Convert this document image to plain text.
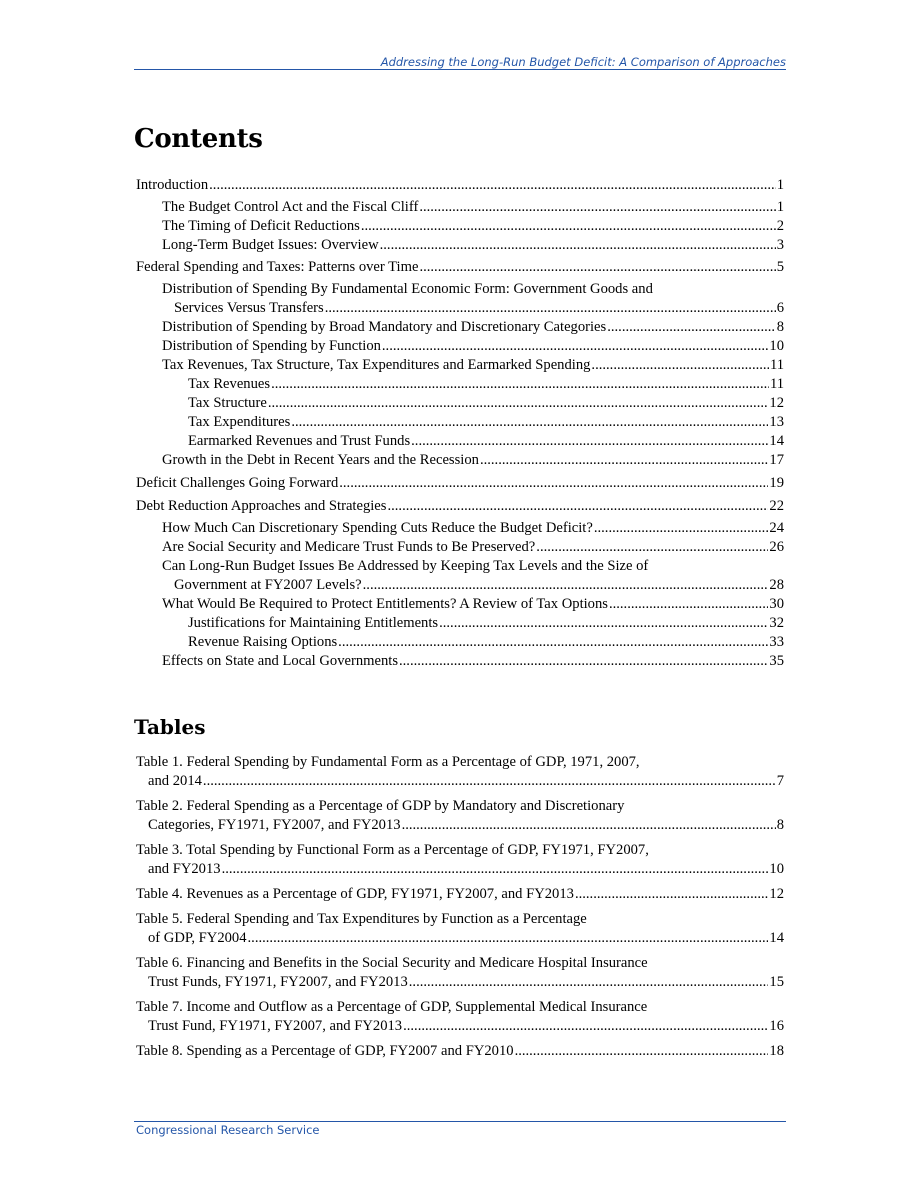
Addressing the Long-Run Budget Deficit: A Comparison of Approaches
Contents
Introduction .....	1
The Budget Control Act and the Fiscal Cliff .....	1
The Timing of Deficit Reductions .....	2
Long-Term Budget Issues: Overview .....	3
Federal Spending and Taxes: Patterns over Time .....	5
Distribution of Spending By Fundamental Economic Form: Government Goods and
Services Versus Transfers .....	6
Distribution of Spending by Broad Mandatory and Discretionary Categories .....	8
Distribution of Spending by Function .....	10
Tax Revenues, Tax Structure, Tax Expenditures and Earmarked Spending .....	11
Tax Revenues .....	11
Tax Structure .....	12
Tax Expenditures .....	13
Earmarked Revenues and Trust Funds .....	14
Growth in the Debt in Recent Years and the Recession .....	17
Deficit Challenges Going Forward .....	19
Debt Reduction Approaches and Strategies .....	22
How Much Can Discretionary Spending Cuts Reduce the Budget Deficit? .....	24
Are Social Security and Medicare Trust Funds to Be Preserved? .....	26
Can Long-Run Budget Issues Be Addressed by Keeping Tax Levels and the Size of
Government at FY2007 Levels? .....	28
What Would Be Required to Protect Entitlements? A Review of Tax Options .....	30
Justifications for Maintaining Entitlements .....	32
Revenue Raising Options .....	33
Effects on State and Local Governments .....	35
Tables
Table 1. Federal Spending by Fundamental Form as a Percentage of GDP, 1971, 2007,
and 2014 .....	7
Table 2. Federal Spending as a Percentage of GDP by Mandatory and Discretionary
Categories, FY1971, FY2007, and FY2013 .....	8
Table 3. Total Spending by Functional Form as a Percentage of GDP, FY1971, FY2007,
and FY2013 .....	10
Table 4. Revenues as a Percentage of GDP, FY1971, FY2007, and FY2013 .....	12
Table 5. Federal Spending and Tax Expenditures by Function as a Percentage
of GDP, FY2004 .....	14
Table 6. Financing and Benefits in the Social Security and Medicare Hospital Insurance
Trust Funds, FY1971, FY2007, and FY2013 .....	15
Table 7. Income and Outflow as a Percentage of GDP, Supplemental Medical Insurance
Trust Fund, FY1971, FY2007, and FY2013 .....	16
Table 8. Spending as a Percentage of GDP, FY2007 and FY2010 .....	18
Congressional Research Service
